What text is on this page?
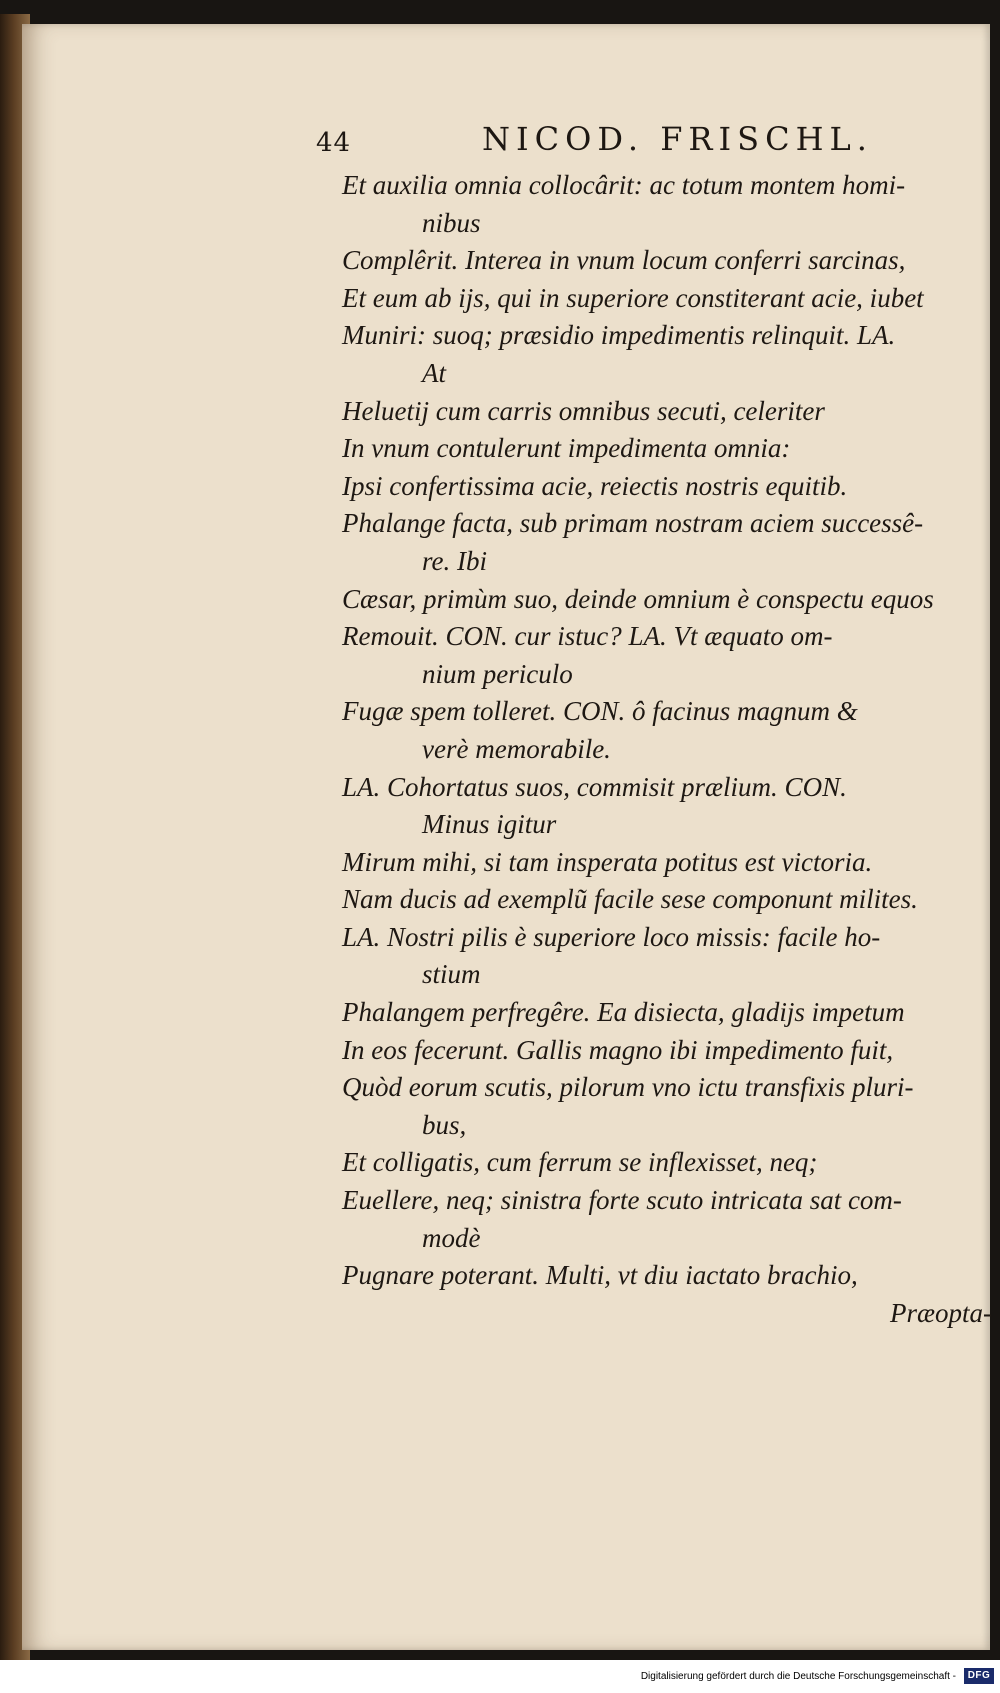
44	NICOD. FRISCHL.
Et auxilia omnia collocârit: ac totum montem homi-
nibus
Complêrit. Interea in vnum locum conferri sarcinas,
Et eum ab ijs, qui in superiore constiterant acie, iubet
Muniri: suoq; præsidio impedimentis relinquit. LA.
At
Heluetij cum carris omnibus secuti, celeriter
In vnum contulerunt impedimenta omnia:
Ipsi confertissima acie, reiectis nostris equitib.
Phalange facta, sub primam nostram aciem successê-
re. Ibi
Cæsar, primùm suo, deinde omnium è conspectu equos
Remouit. CON. cur istuc? LA. Vt æquato om-
nium periculo
Fugæ spem tolleret. CON. ô facinus magnum &
verè memorabile.
LA. Cohortatus suos, commisit prælium. CON.
Minus igitur
Mirum mihi, si tam insperata potitus est victoria.
Nam ducis ad exemplũ facile sese componunt milites.
LA. Nostri pilis è superiore loco missis: facile ho-
stium
Phalangem perfregêre. Ea disiecta, gladijs impetum
In eos fecerunt. Gallis magno ibi impedimento fuit,
Quòd eorum scutis, pilorum vno ictu transfixis pluri-
bus,
Et colligatis, cum ferrum se inflexisset, neq;
Euellere, neq; sinistra forte scuto intricata sat com-
modè
Pugnare poterant. Multi, vt diu iactato brachio,
Præopta-
Digitalisierung gefördert durch die Deutsche Forschungsgemeinschaft -	DFG
